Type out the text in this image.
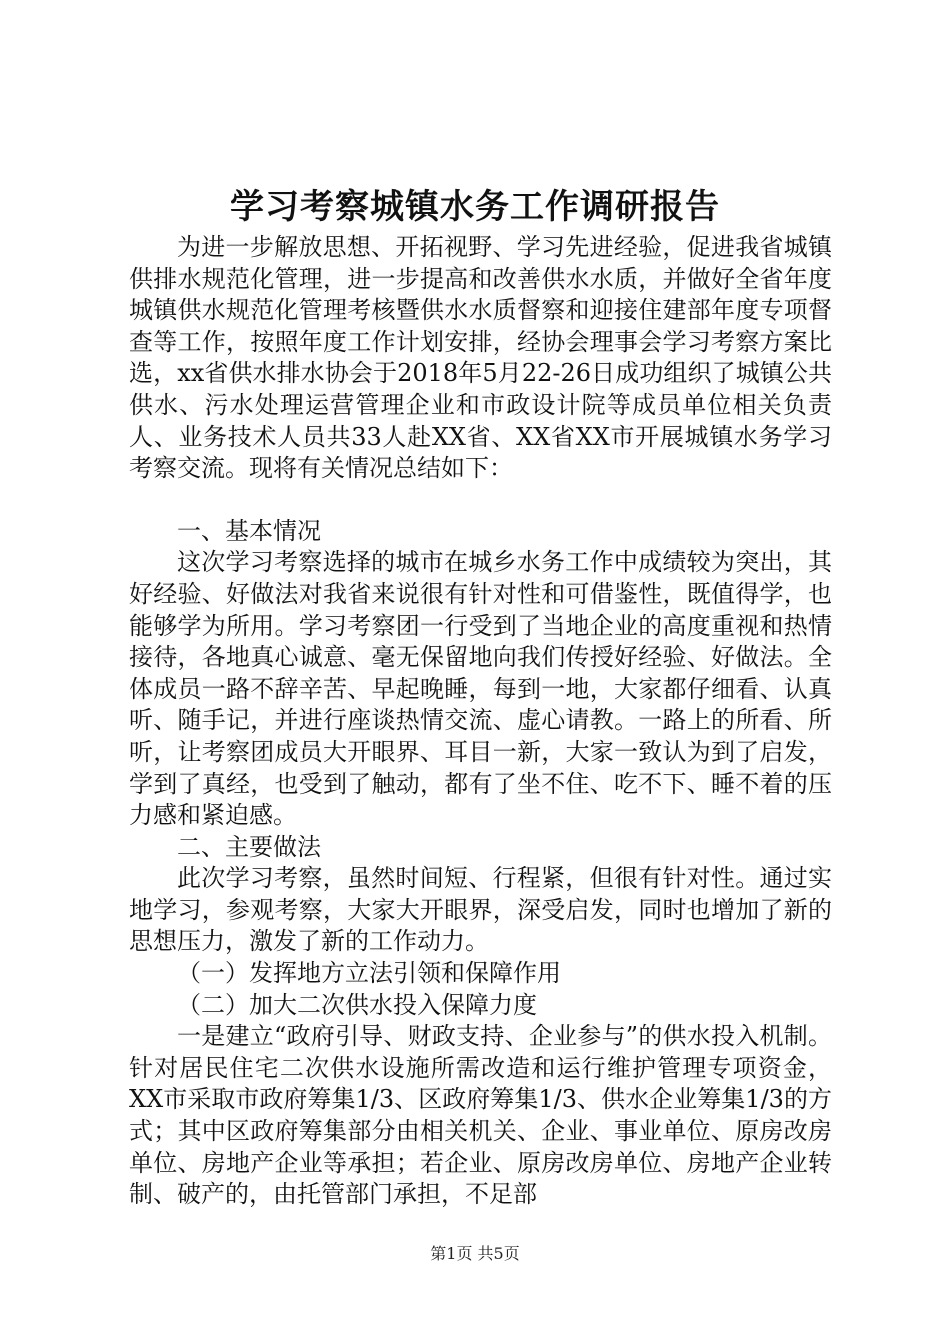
学习考察城镇水务工作调研报告

为进一步解放思想、开拓视野、学习先进经验，促进我省城镇供排水规范化管理，进一步提高和改善供水水质，并做好全省年度城镇供水规范化管理考核暨供水水质督察和迎接住建部年度专项督查等工作，按照年度工作计划安排，经协会理事会学习考察方案比选，xx省供水排水协会于2018年5月22-26日成功组织了城镇公共供水、污水处理运营管理企业和市政设计院等成员单位相关负责人、业务技术人员共33人赴XX省、XX省XX市开展城镇水务学习考察交流。现将有关情况总结如下：

一、基本情况

这次学习考察选择的城市在城乡水务工作中成绩较为突出，其好经验、好做法对我省来说很有针对性和可借鉴性，既值得学，也能够学为所用。学习考察团一行受到了当地企业的高度重视和热情接待，各地真心诚意、毫无保留地向我们传授好经验、好做法。全体成员一路不辞辛苦、早起晚睡，每到一地，大家都仔细看、认真听、随手记，并进行座谈热情交流、虚心请教。一路上的所看、所听，让考察团成员大开眼界、耳目一新，大家一致认为到了启发，学到了真经，也受到了触动，都有了坐不住、吃不下、睡不着的压力感和紧迫感。

二、主要做法

此次学习考察，虽然时间短、行程紧，但很有针对性。通过实地学习，参观考察，大家大开眼界，深受启发，同时也增加了新的思想压力，激发了新的工作动力。

（一）发挥地方立法引领和保障作用

（二）加大二次供水投入保障力度

一是建立“政府引导、财政支持、企业参与”的供水投入机制。针对居民住宅二次供水设施所需改造和运行维护管理专项资金，XX市采取市政府筹集1/3、区政府筹集1/3、供水企业筹集1/3的方式；其中区政府筹集部分由相关机关、企业、事业单位、原房改房单位、房地产企业等承担；若企业、原房改房单位、房地产企业转制、破产的，由托管部门承担，不足部

第1页 共5页
